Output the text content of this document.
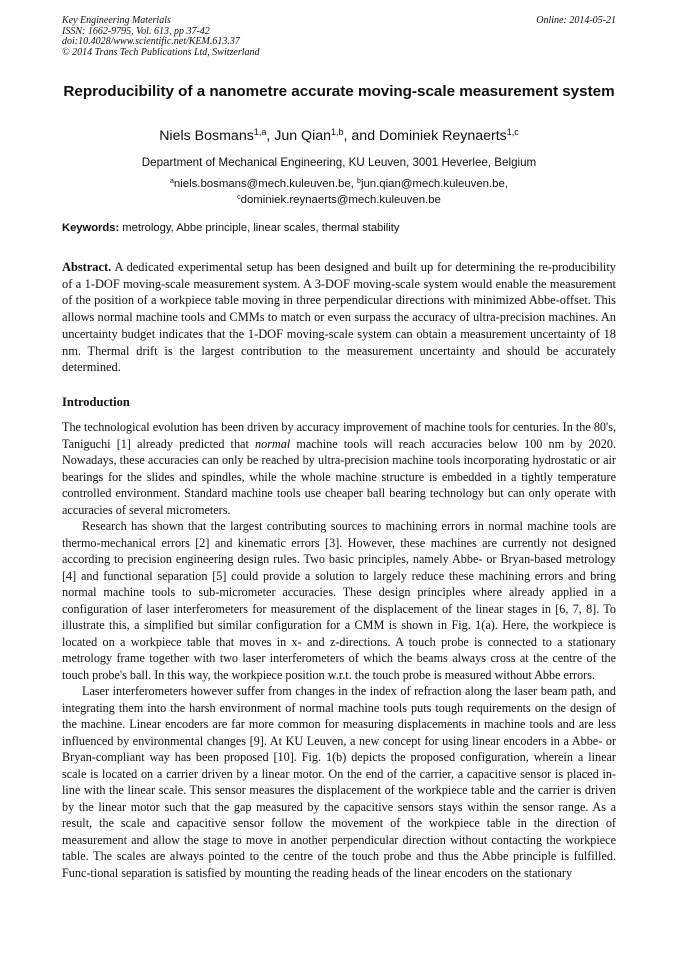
Key Engineering Materials
ISSN: 1662-9795, Vol. 613, pp 37-42
doi:10.4028/www.scientific.net/KEM.613.37
© 2014 Trans Tech Publications Ltd, Switzerland
Online: 2014-05-21
Reproducibility of a nanometre accurate moving-scale measurement system
Niels Bosmans$^{1,a}$, Jun Qian$^{1,b}$, and Dominiek Reynaerts$^{1,c}$
Department of Mechanical Engineering, KU Leuven, 3001 Heverlee, Belgium
$^a$niels.bosmans@mech.kuleuven.be, $^b$jun.qian@mech.kuleuven.be,
$^c$dominiek.reynaerts@mech.kuleuven.be
Keywords: metrology, Abbe principle, linear scales, thermal stability
Abstract. A dedicated experimental setup has been designed and built up for determining the re-producibility of a 1-DOF moving-scale measurement system. A 3-DOF moving-scale system would enable the measurement of the position of a workpiece table moving in three perpendicular directions with minimized Abbe-offset. This allows normal machine tools and CMMs to match or even surpass the accuracy of ultra-precision machines. An uncertainty budget indicates that the 1-DOF moving-scale system can obtain a measurement uncertainty of 18 nm. Thermal drift is the largest contribution to the measurement uncertainty and should be accurately determined.
Introduction

The technological evolution has been driven by accuracy improvement of machine tools for centuries. In the 80's, Taniguchi [1] already predicted that normal machine tools will reach accuracies below 100 nm by 2020. Nowadays, these accuracies can only be reached by ultra-precision machine tools incorporating hydrostatic or air bearings for the slides and spindles, while the whole machine structure is embedded in a tightly temperature controlled environment. Standard machine tools use cheaper ball bearing technology but can only operate with accuracies of several micrometers.

Research has shown that the largest contributing sources to machining errors in normal machine tools are thermo-mechanical errors [2] and kinematic errors [3]. However, these machines are currently not designed according to precision engineering design rules. Two basic principles, namely Abbe- or Bryan-based metrology [4] and functional separation [5] could provide a solution to largely reduce these machining errors and bring normal machine tools to sub-micrometer accuracies. These design principles where already applied in a configuration of laser interferometers for measurement of the displacement of the linear stages in [6, 7, 8]. To illustrate this, a simplified but similar configuration for a CMM is shown in Fig. 1(a). Here, the workpiece is located on a workpiece table that moves in x- and z-directions. A touch probe is connected to a stationary metrology frame together with two laser interferometers of which the beams always cross at the centre of the touch probe's ball. In this way, the workpiece position w.r.t. the touch probe is measured without Abbe errors.

Laser interferometers however suffer from changes in the index of refraction along the laser beam path, and integrating them into the harsh environment of normal machine tools puts tough requirements on the design of the machine. Linear encoders are far more common for measuring displacements in machine tools and are less influenced by environmental changes [9]. At KU Leuven, a new concept for using linear encoders in a Abbe- or Bryan-compliant way has been proposed [10]. Fig. 1(b) depicts the proposed configuration, wherein a linear scale is located on a carrier driven by a linear motor. On the end of the carrier, a capacitive sensor is placed in-line with the linear scale. This sensor measures the displacement of the workpiece table and the carrier is driven by the linear motor such that the gap measured by the capacitive sensors stays within the sensor range. As a result, the scale and capacitive sensor follow the movement of the workpiece table in the direction of measurement and allow the stage to move in another perpendicular direction without contacting the workpiece table. The scales are always pointed to the centre of the touch probe and thus the Abbe principle is fulfilled. Func-tional separation is satisfied by mounting the reading heads of the linear encoders on the stationary
